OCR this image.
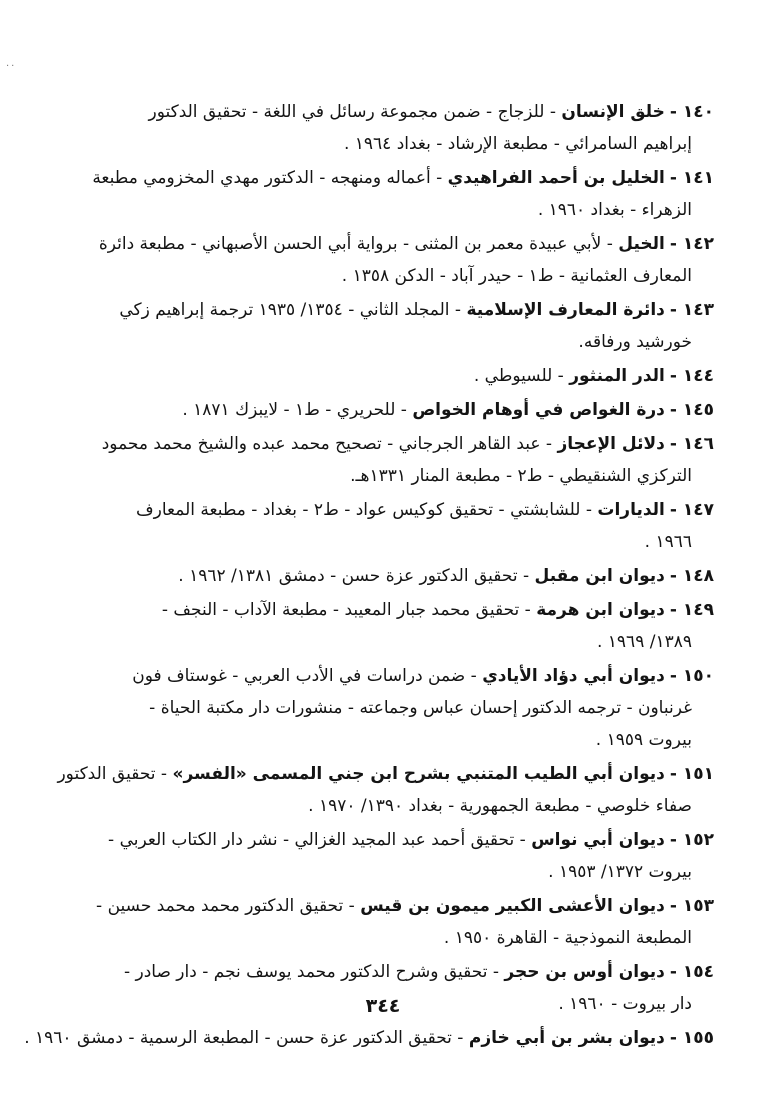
..
١٤٠ -خلق الإنسان - للزجاج - ضمن مجموعة رسائل في اللغة - تحقيق الدكتور
إبراهيم السامرائي - مطبعة الإرشاد - بغداد ١٩٦٤ .
١٤١ -الخليل بن أحمد الفراهيدي - أعماله ومنهجه - الدكتور مهدي المخزومي مطبعة
الزهراء - بغداد ١٩٦٠ .
١٤٢ -الخيل - لأبي عبيدة معمر بن المثنى - برواية أبي الحسن الأصبهاني - مطبعة دائرة
المعارف العثمانية - ط١ - حيدر آباد - الدكن ١٣٥٨ .
١٤٣ -دائرة المعارف الإسلامية - المجلد الثاني - ١٣٥٤/ ١٩٣٥ ترجمة إبراهيم زكي
خورشيد ورفاقه.
١٤٤ -الدر المنثور - للسيوطي .
١٤٥ -درة الغواص في أوهام الخواص - للحريري - ط١ - لايبزك ١٨٧١ .
١٤٦ -دلائل الإعجاز - عبد القاهر الجرجاني - تصحيح محمد عبده والشيخ محمد محمود
التركزي الشنقيطي - ط٢ - مطبعة المنار ١٣٣١هـ.
١٤٧ -الديارات - للشابشتي - تحقيق كوكيس عواد - ط٢ - بغداد - مطبعة المعارف
١٩٦٦ .
١٤٨ -ديوان ابن مقبل - تحقيق الدكتور عزة حسن - دمشق ١٣٨١/ ١٩٦٢ .
١٤٩ -ديوان ابن هرمة - تحقيق محمد جبار المعيبد - مطبعة الآداب - النجف -
١٣٨٩/ ١٩٦٩ .
١٥٠ -ديوان أبي دؤاد الأيادي - ضمن دراسات في الأدب العربي - غوستاف فون
غرنباون - ترجمه الدكتور إحسان عباس وجماعته - منشورات دار مكتبة الحياة -
بيروت ١٩٥٩ .
١٥١ -ديوان أبي الطيب المتنبي بشرح ابن جني المسمى «الفسر» - تحقيق الدكتور
صفاء خلوصي - مطبعة الجمهورية - بغداد ١٣٩٠/ ١٩٧٠ .
١٥٢ -ديوان أبي نواس - تحقيق أحمد عبد المجيد الغزالي - نشر دار الكتاب العربي -
بيروت ١٣٧٢/ ١٩٥٣ .
١٥٣ -ديوان الأعشى الكبير ميمون بن قيس - تحقيق الدكتور محمد محمد حسين -
المطبعة النموذجية - القاهرة ١٩٥٠ .
١٥٤ -ديوان أوس بن حجر - تحقيق وشرح الدكتور محمد يوسف نجم - دار صادر -
دار بيروت - ١٩٦٠ .
١٥٥ -ديوان بشر بن أبي خازم - تحقيق الدكتور عزة حسن - المطبعة الرسمية - دمشق ١٩٦٠ .
٣٤٤
